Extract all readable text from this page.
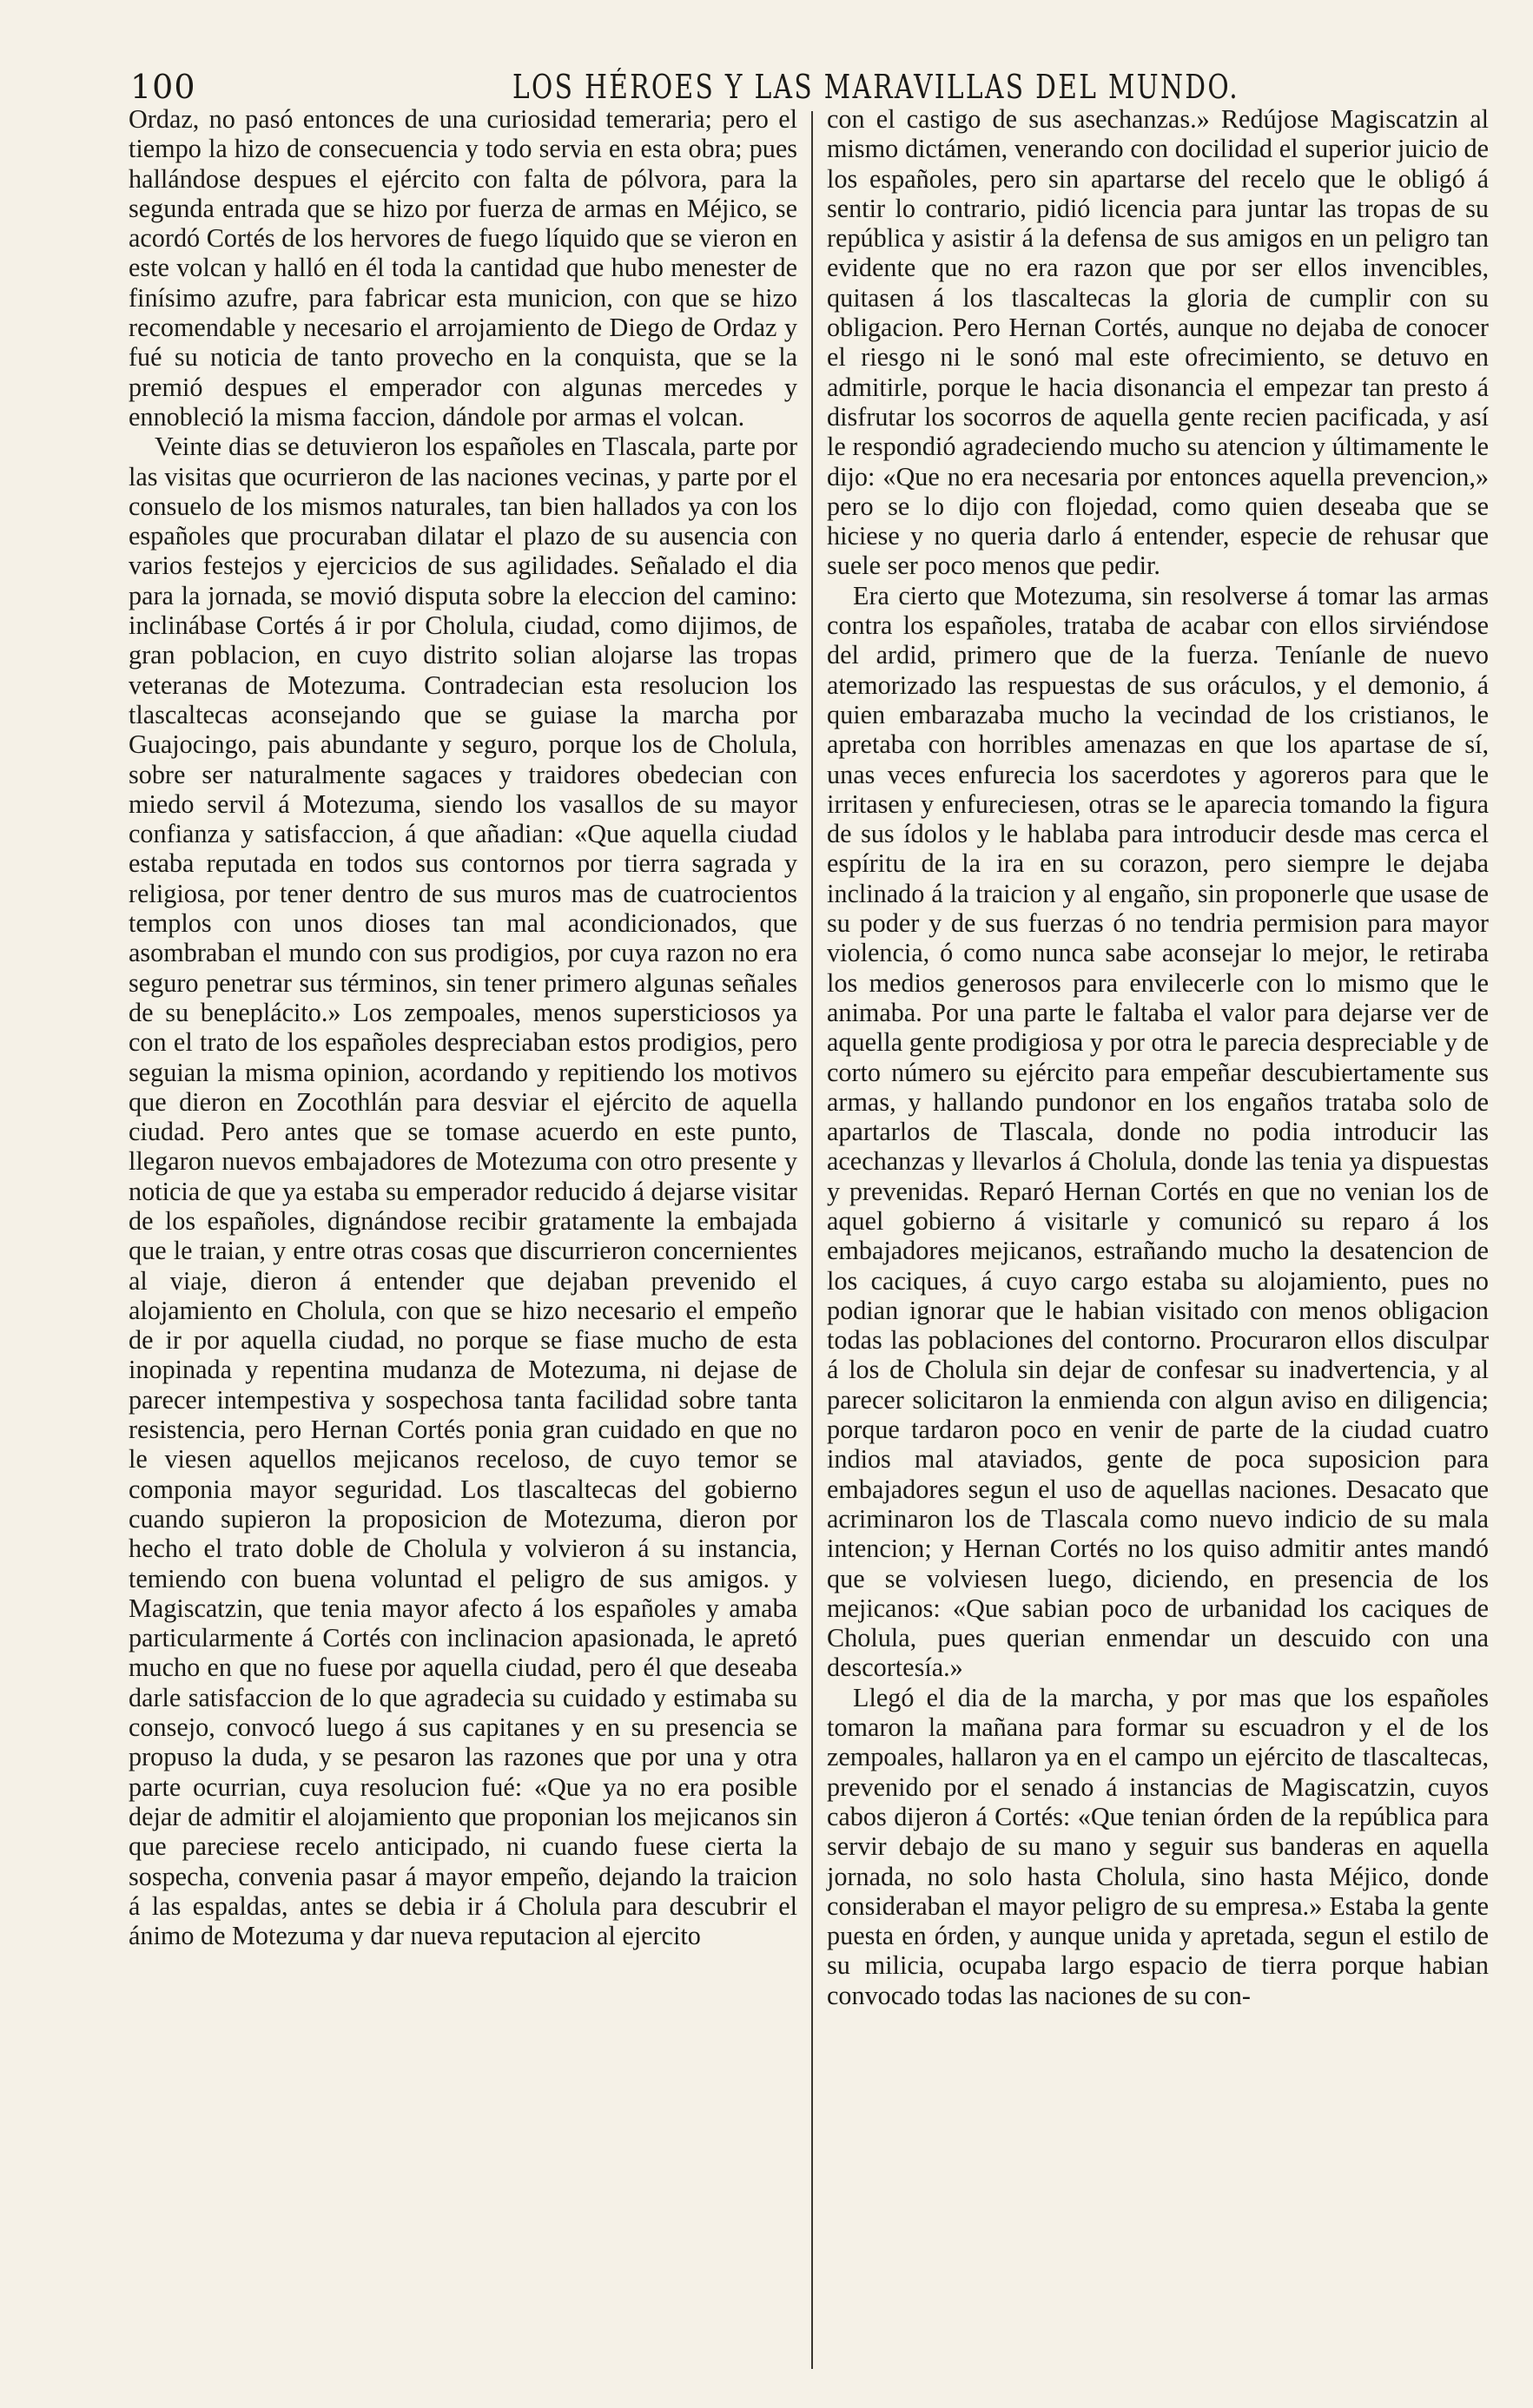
100	LOS HÉROES Y LAS MARAVILLAS DEL MUNDO.

Ordaz, no pasó entonces de una curiosidad temeraria; pero el tiempo la hizo de consecuencia y todo servia en esta obra; pues hallándose despues el ejército con falta de pólvora, para la segunda entrada que se hizo por fuerza de armas en Méjico, se acordó Cortés de los hervores de fuego líquido que se vieron en este volcan y halló en él toda la cantidad que hubo menester de finísimo azufre, para fabricar esta municion, con que se hizo recomendable y necesario el arrojamiento de Diego de Ordaz y fué su noticia de tanto provecho en la conquista, que se la premió despues el emperador con algunas mercedes y ennobleció la misma faccion, dándole por armas el volcan.

Veinte dias se detuvieron los españoles en Tlascala, parte por las visitas que ocurrieron de las naciones vecinas, y parte por el consuelo de los mismos naturales, tan bien hallados ya con los españoles que procuraban dilatar el plazo de su ausencia con varios festejos y ejercicios de sus agilidades. Señalado el dia para la jornada, se movió disputa sobre la eleccion del camino: inclinábase Cortés á ir por Cholula, ciudad, como dijimos, de gran poblacion, en cuyo distrito solian alojarse las tropas veteranas de Motezuma. Contradecian esta resolucion los tlascaltecas aconsejando que se guiase la marcha por Guajocingo, pais abundante y seguro, porque los de Cholula, sobre ser naturalmente sagaces y traidores obedecian con miedo servil á Motezuma, siendo los vasallos de su mayor confianza y satisfaccion, á que añadian: «Que aquella ciudad estaba reputada en todos sus contornos por tierra sagrada y religiosa, por tener dentro de sus muros mas de cuatrocientos templos con unos dioses tan mal acondicionados, que asombraban el mundo con sus prodigios, por cuya razon no era seguro penetrar sus términos, sin tener primero algunas señales de su beneplácito.» Los zempoales, menos supersticiosos ya con el trato de los españoles despreciaban estos prodigios, pero seguian la misma opinion, acordando y repitiendo los motivos que dieron en Zocothlán para desviar el ejército de aquella ciudad. Pero antes que se tomase acuerdo en este punto, llegaron nuevos embajadores de Motezuma con otro presente y noticia de que ya estaba su emperador reducido á dejarse visitar de los españoles, dignándose recibir gratamente la embajada que le traian, y entre otras cosas que discurrieron concernientes al viaje, dieron á entender que dejaban prevenido el alojamiento en Cholula, con que se hizo necesario el empeño de ir por aquella ciudad, no porque se fiase mucho de esta inopinada y repentina mudanza de Motezuma, ni dejase de parecer intempestiva y sospechosa tanta facilidad sobre tanta resistencia, pero Hernan Cortés ponia gran cuidado en que no le viesen aquellos mejicanos receloso, de cuyo temor se componia mayor seguridad. Los tlascaltecas del gobierno cuando supieron la proposicion de Motezuma, dieron por hecho el trato doble de Cholula y volvieron á su instancia, temiendo con buena voluntad el peligro de sus amigos. y Magiscatzin, que tenia mayor afecto á los españoles y amaba particularmente á Cortés con inclinacion apasionada, le apretó mucho en que no fuese por aquella ciudad, pero él que deseaba darle satisfaccion de lo que agradecia su cuidado y estimaba su consejo, convocó luego á sus capitanes y en su presencia se propuso la duda, y se pesaron las razones que por una y otra parte ocurrian, cuya resolucion fué: «Que ya no era posible dejar de admitir el alojamiento que proponian los mejicanos sin que pareciese recelo anticipado, ni cuando fuese cierta la sospecha, convenia pasar á mayor empeño, dejando la traicion á las espaldas, antes se debia ir á Cholula para descubrir el ánimo de Motezuma y dar nueva reputacion al ejercito

con el castigo de sus asechanzas.» Redújose Magiscatzin al mismo dictámen, venerando con docilidad el superior juicio de los españoles, pero sin apartarse del recelo que le obligó á sentir lo contrario, pidió licencia para juntar las tropas de su república y asistir á la defensa de sus amigos en un peligro tan evidente que no era razon que por ser ellos invencibles, quitasen á los tlascaltecas la gloria de cumplir con su obligacion. Pero Hernan Cortés, aunque no dejaba de conocer el riesgo ni le sonó mal este ofrecimiento, se detuvo en admitirle, porque le hacia disonancia el empezar tan presto á disfrutar los socorros de aquella gente recien pacificada, y así le respondió agradeciendo mucho su atencion y últimamente le dijo: «Que no era necesaria por entonces aquella prevencion,» pero se lo dijo con flojedad, como quien deseaba que se hiciese y no queria darlo á entender, especie de rehusar que suele ser poco menos que pedir.

Era cierto que Motezuma, sin resolverse á tomar las armas contra los españoles, trataba de acabar con ellos sirviéndose del ardid, primero que de la fuerza. Teníanle de nuevo atemorizado las respuestas de sus oráculos, y el demonio, á quien embarazaba mucho la vecindad de los cristianos, le apretaba con horribles amenazas en que los apartase de sí, unas veces enfurecia los sacerdotes y agoreros para que le irritasen y enfureciesen, otras se le aparecia tomando la figura de sus ídolos y le hablaba para introducir desde mas cerca el espíritu de la ira en su corazon, pero siempre le dejaba inclinado á la traicion y al engaño, sin proponerle que usase de su poder y de sus fuerzas ó no tendria permision para mayor violencia, ó como nunca sabe aconsejar lo mejor, le retiraba los medios generosos para envilecerle con lo mismo que le animaba. Por una parte le faltaba el valor para dejarse ver de aquella gente prodigiosa y por otra le parecia despreciable y de corto número su ejército para empeñar descubiertamente sus armas, y hallando pundonor en los engaños trataba solo de apartarlos de Tlascala, donde no podia introducir las acechanzas y llevarlos á Cholula, donde las tenia ya dispuestas y prevenidas. Reparó Hernan Cortés en que no venian los de aquel gobierno á visitarle y comunicó su reparo á los embajadores mejicanos, estrañando mucho la desatencion de los caciques, á cuyo cargo estaba su alojamiento, pues no podian ignorar que le habian visitado con menos obligacion todas las poblaciones del contorno. Procuraron ellos disculpar á los de Cholula sin dejar de confesar su inadvertencia, y al parecer solicitaron la enmienda con algun aviso en diligencia; porque tardaron poco en venir de parte de la ciudad cuatro indios mal ataviados, gente de poca suposicion para embajadores segun el uso de aquellas naciones. Desacato que acriminaron los de Tlascala como nuevo indicio de su mala intencion; y Hernan Cortés no los quiso admitir antes mandó que se volviesen luego, diciendo, en presencia de los mejicanos: «Que sabian poco de urbanidad los caciques de Cholula, pues querian enmendar un descuido con una descortesía.»

Llegó el dia de la marcha, y por mas que los españoles tomaron la mañana para formar su escuadron y el de los zempoales, hallaron ya en el campo un ejército de tlascaltecas, prevenido por el senado á instancias de Magiscatzin, cuyos cabos dijeron á Cortés: «Que tenian órden de la república para servir debajo de su mano y seguir sus banderas en aquella jornada, no solo hasta Cholula, sino hasta Méjico, donde consideraban el mayor peligro de su empresa.» Estaba la gente puesta en órden, y aunque unida y apretada, segun el estilo de su milicia, ocupaba largo espacio de tierra porque habian convocado todas las naciones de su con-
